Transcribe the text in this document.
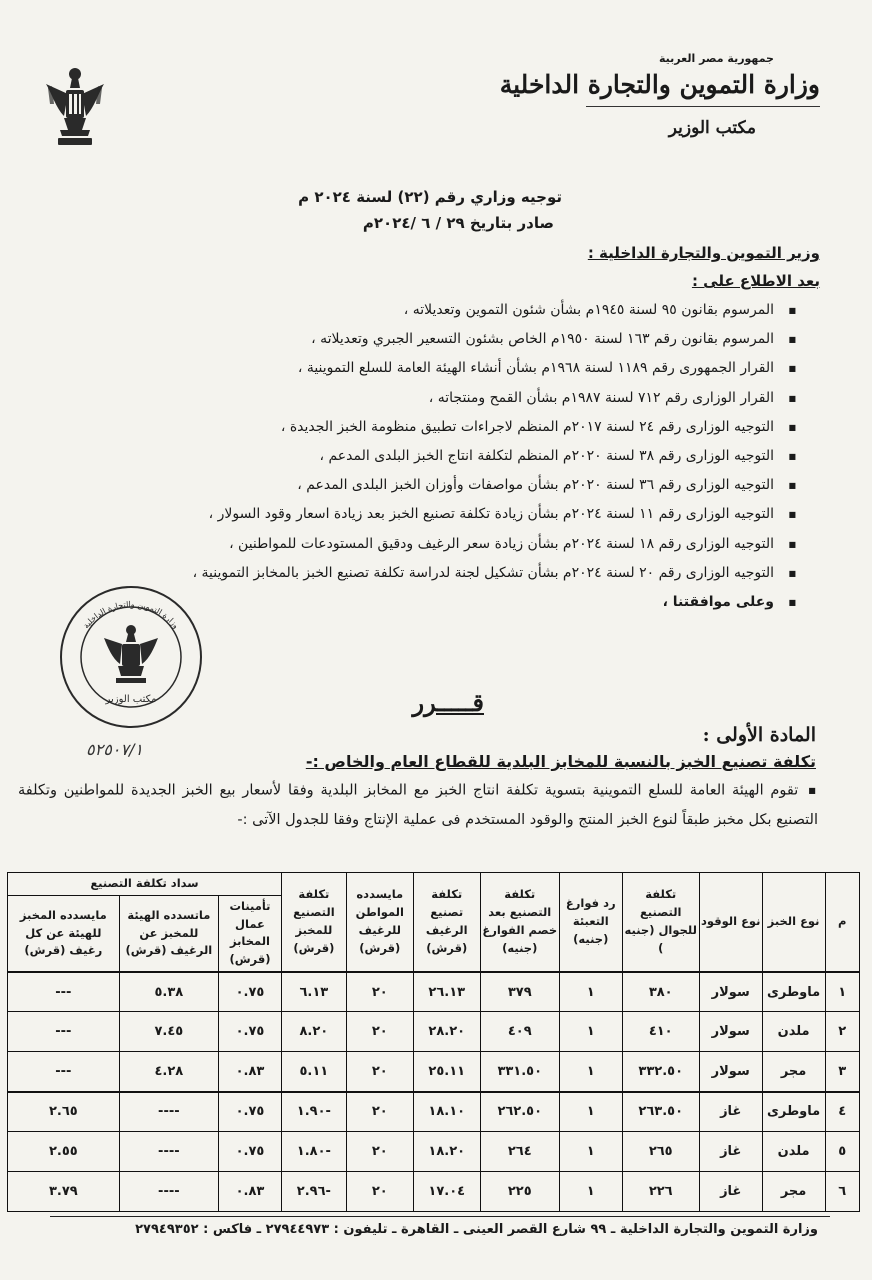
جمهورية مصر العربية
وزارة التموين والتجارة الداخلية
مكتب الوزير
توجيه وزاري رقم (٢٢) لسنة ٢٠٢٤ م
صادر بتاريخ ٢٩ / ٦ /٢٠٢٤م
وزير التموين والتجارة الداخلية :
بعد الاطلاع على :
■ المرسوم بقانون ٩٥ لسنة ١٩٤٥م بشأن شئون التموين وتعديلاته ،
■ المرسوم بقانون رقم ١٦٣ لسنة ١٩٥٠م الخاص بشئون التسعير الجبري وتعديلاته ،
■ القرار الجمهورى رقم ١١٨٩ لسنة ١٩٦٨م بشأن أنشاء الهيئة العامة للسلع التموينية ،
■ القرار الوزارى رقم ٧١٢ لسنة ١٩٨٧م بشأن القمح ومنتجاته ،
■ التوجيه الوزارى رقم ٢٤ لسنة ٢٠١٧م المنظم لاجراءات تطبيق منظومة الخبز الجديدة ،
■ التوجيه الوزارى رقم ٣٨ لسنة ٢٠٢٠م المنظم لتكلفة انتاج الخبز البلدى المدعم ،
■ التوجيه الوزارى رقم ٣٦ لسنة ٢٠٢٠م بشأن مواصفات وأوزان الخبز البلدى المدعم ،
■ التوجيه الوزارى رقم ١١ لسنة ٢٠٢٤م بشأن زيادة تكلفة تصنيع الخبز بعد زيادة اسعار وقود السولار ،
■ التوجيه الوزارى رقم ١٨ لسنة ٢٠٢٤م بشأن زيادة سعر الرغيف ودقيق المستودعات للمواطنين ،
■ التوجيه الوزارى رقم ٢٠ لسنة ٢٠٢٤م بشأن تشكيل لجنة لدراسة تكلفة تصنيع الخبز بالمخابز التموينية ،
■ وعلى موافقتنا ،
مكتب الوزير
وزارة التموين والتجارة الداخلية
قـــــرر
المادة الأولى :
٥٢٥٠٧/١
تكلفة تصنيع الخبز بالنسبة للمخابز البلدية للقطاع العام والخاص :-
■تقوم الهيئة العامة للسلع التموينية بتسوية تكلفة انتاج الخبز مع المخابز البلدية وفقا لأسعار بيع الخبز الجديدة للمواطنين وتكلفة التصنيع بكل مخبز طبقاً لنوع الخبز المنتج والوقود المستخدم فى عملية الإنتاج وفقا للجدول الآتى :-
م	نوع الخبز	نوع الوقود	تكلفة التصنيع للجوال (جنيه )	رد فوارغ التعبئة (جنيه)	تكلفة التصنيع بعد خصم الفوارغ (جنيه)	تكلفة تصنيع الرغيف (قرش)	مايسدده المواطن للرغيف (قرش)	تكلفة التصنيع للمخبز (قرش)	سداد تكلفة التصنيع		
									تأمينات عمال المخابز (قرش)	ماتسدده الهيئة للمخبز عن الرغيف (قرش)	مايسدده المخبز للهيئة عن كل رغيف (قرش)
١	ماوطرى	سولار	٣٨٠	١	٣٧٩	٢٦.١٣	٢٠	٦.١٣	٠.٧٥	٥.٣٨	---
٢	ملدن	سولار	٤١٠	١	٤٠٩	٢٨.٢٠	٢٠	٨.٢٠	٠.٧٥	٧.٤٥	---
٣	مجر	سولار	٣٣٢.٥٠	١	٣٣١.٥٠	٢٥.١١	٢٠	٥.١١	٠.٨٣	٤.٢٨	---
٤	ماوطرى	غاز	٢٦٣.٥٠	١	٢٦٢.٥٠	١٨.١٠	٢٠	-١.٩٠	٠.٧٥	----	٢.٦٥
٥	ملدن	غاز	٢٦٥	١	٢٦٤	١٨.٢٠	٢٠	-١.٨٠	٠.٧٥	----	٢.٥٥
٦	مجر	غاز	٢٢٦	١	٢٢٥	١٧.٠٤	٢٠	-٢.٩٦	٠.٨٣	----	٣.٧٩
وزارة التموين والتجارة الداخلية ـ ٩٩ شارع القصر العينى ـ القاهرة ـ تليفون : ٢٧٩٤٤٩٧٣ ـ فاكس : ٢٧٩٤٩٣٥٢
